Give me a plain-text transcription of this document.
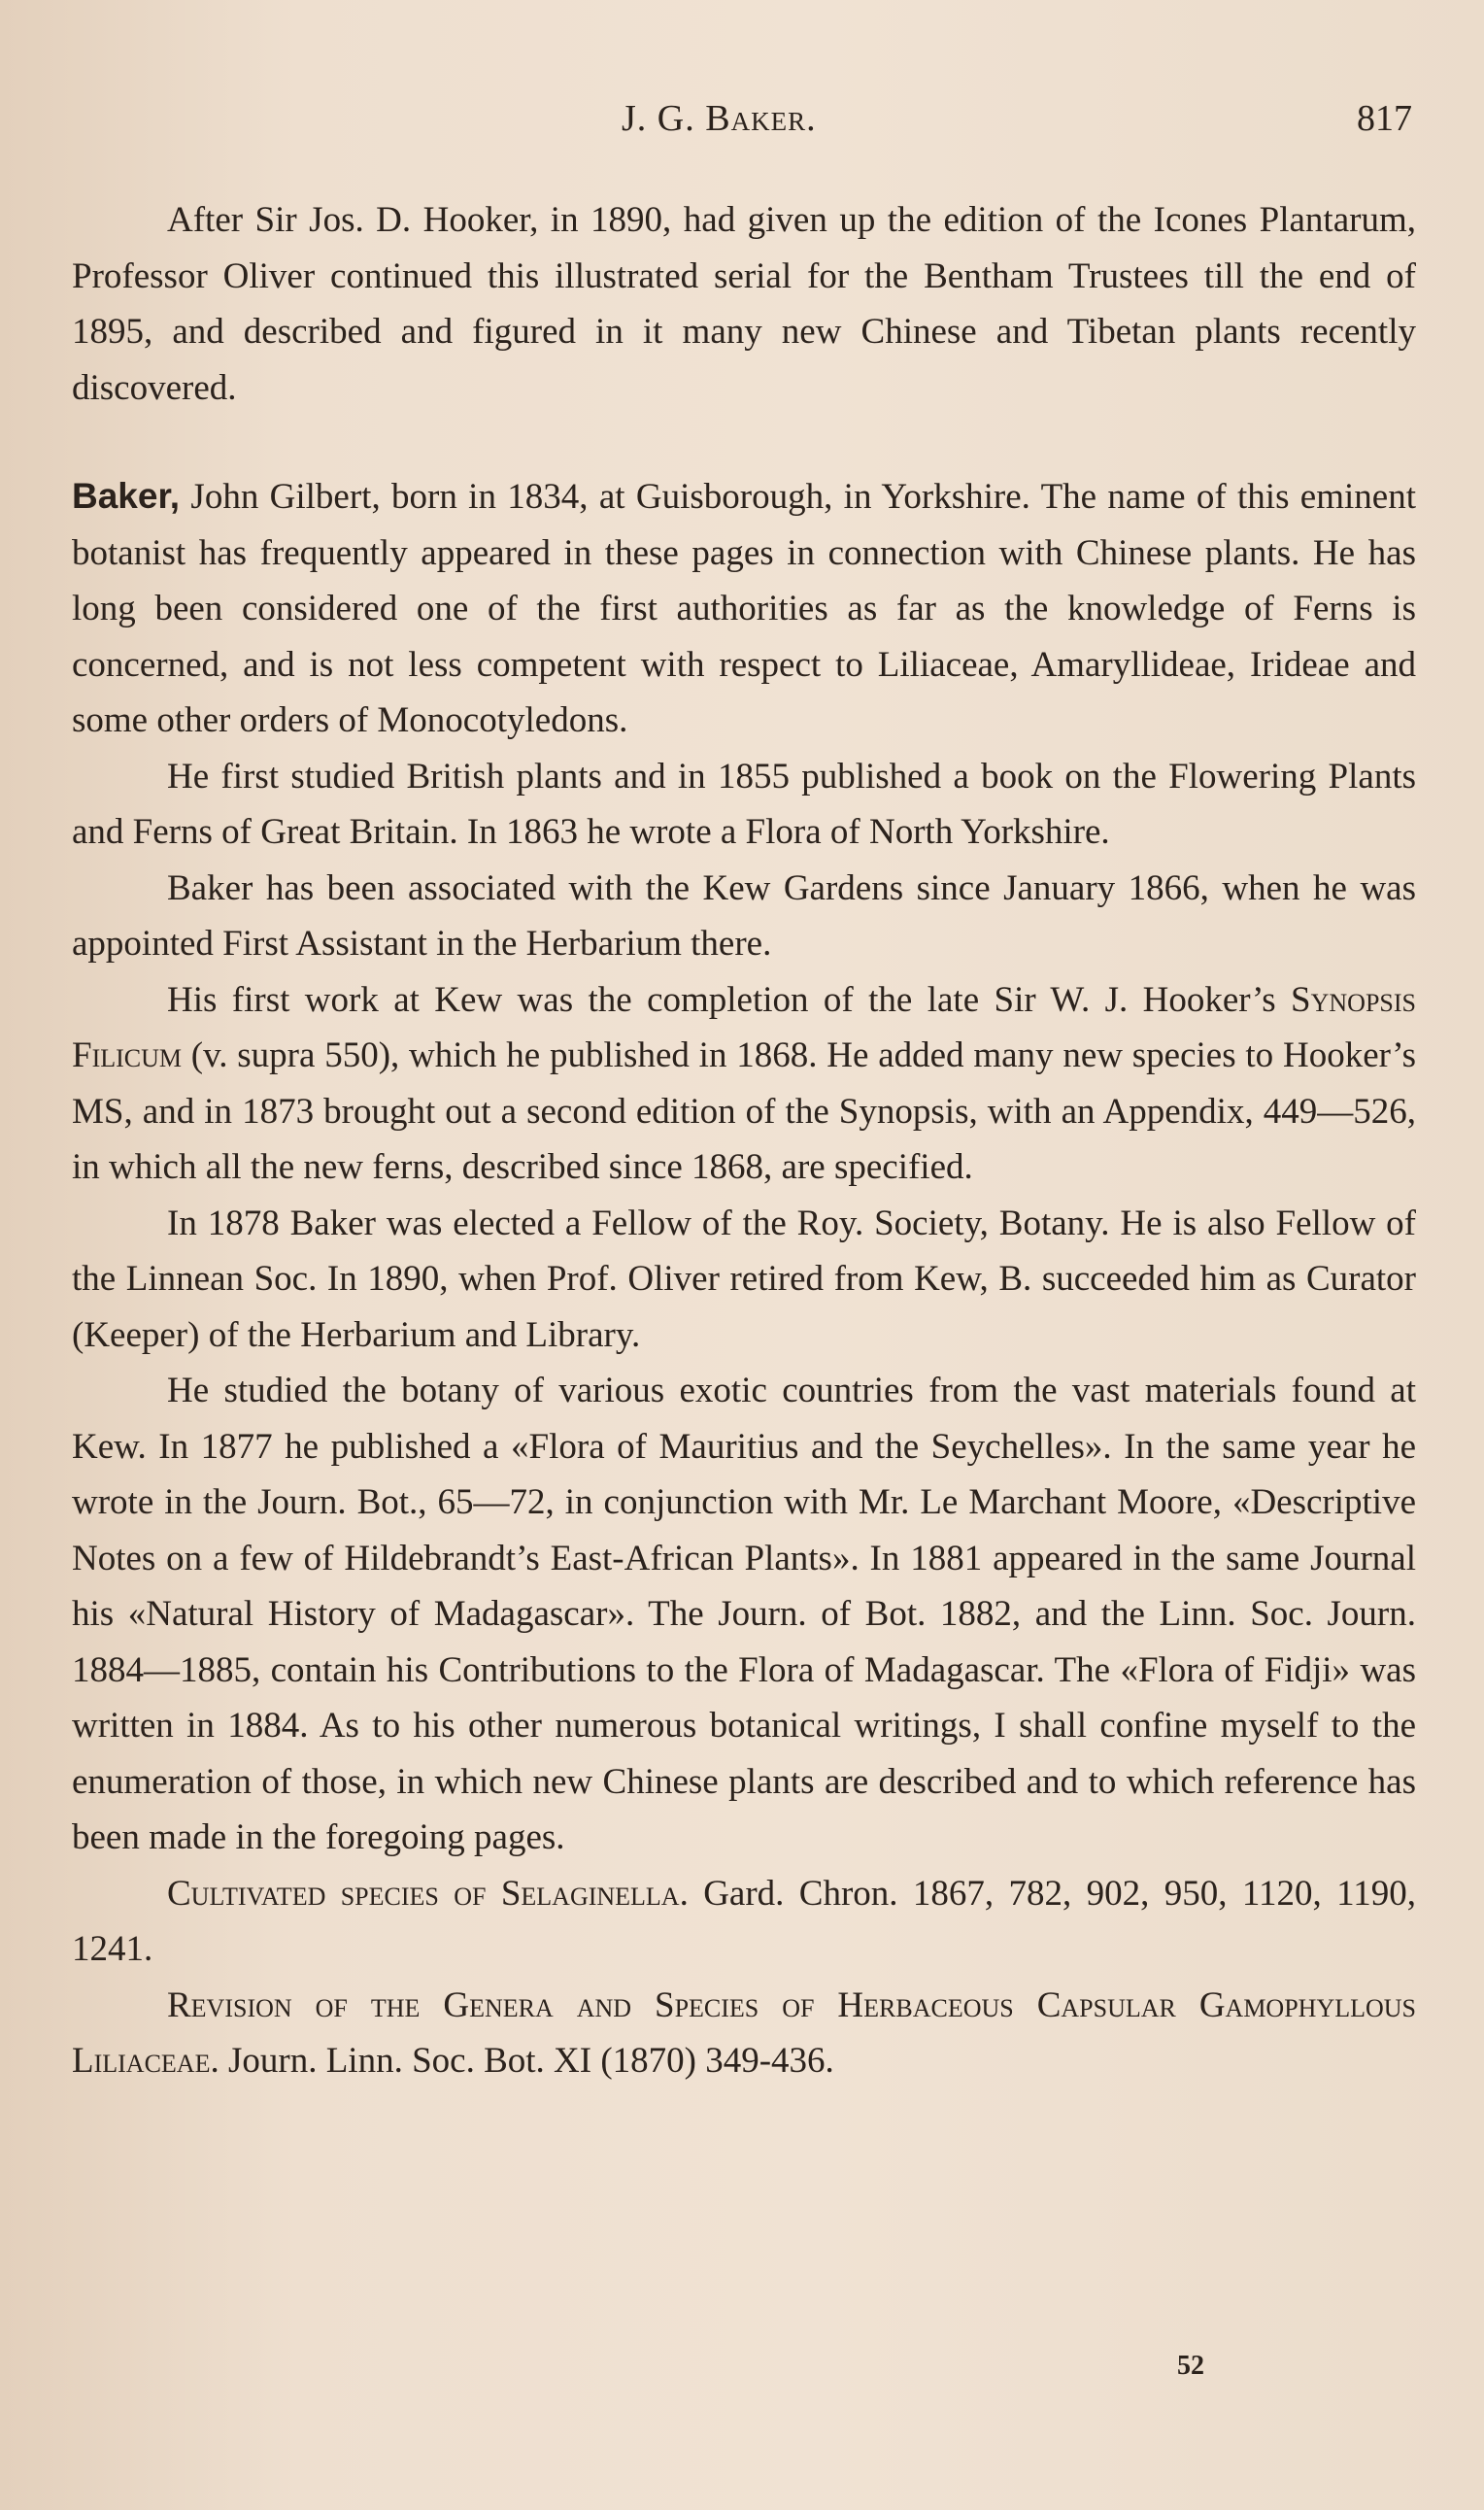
J. G. Baker.	817

After Sir Jos. D. Hooker, in 1890, had given up the edition of the Icones Plantarum, Professor Oliver continued this illustrated serial for the Bentham Trustees till the end of 1895, and described and figured in it many new Chinese and Tibetan plants recently discovered.

Baker, John Gilbert, born in 1834, at Guisborough, in Yorkshire. The name of this eminent botanist has frequently appeared in these pages in connection with Chinese plants. He has long been considered one of the first authorities as far as the knowledge of Ferns is concerned, and is not less competent with respect to Liliaceae, Amaryllideae, Irideae and some other orders of Monocotyledons.

He first studied British plants and in 1855 published a book on the Flowering Plants and Ferns of Great Britain. In 1863 he wrote a Flora of North Yorkshire.

Baker has been associated with the Kew Gardens since January 1866, when he was appointed First Assistant in the Herbarium there.

His first work at Kew was the completion of the late Sir W. J. Hooker’s Synopsis Filicum (v. supra 550), which he published in 1868. He added many new species to Hooker’s MS, and in 1873 brought out a second edition of the Synopsis, with an Appendix, 449—526, in which all the new ferns, described since 1868, are specified.

In 1878 Baker was elected a Fellow of the Roy. Society, Botany. He is also Fellow of the Linnean Soc. In 1890, when Prof. Oliver retired from Kew, B. succeeded him as Curator (Keeper) of the Herbarium and Library.

He studied the botany of various exotic countries from the vast materials found at Kew. In 1877 he published a «Flora of Mauritius and the Seychelles». In the same year he wrote in the Journ. Bot., 65—72, in conjunction with Mr. Le Marchant Moore, «Descriptive Notes on a few of Hildebrandt’s East-African Plants». In 1881 appeared in the same Journal his «Natural History of Madagascar». The Journ. of Bot. 1882, and the Linn. Soc. Journ. 1884—1885, contain his Contributions to the Flora of Madagascar. The «Flora of Fidji» was written in 1884. As to his other numerous botanical writings, I shall confine myself to the enumeration of those, in which new Chinese plants are described and to which reference has been made in the foregoing pages.

Cultivated species of Selaginella. Gard. Chron. 1867, 782, 902, 950, 1120, 1190, 1241.

Revision of the Genera and Species of Herbaceous Capsular Gamophyllous Liliaceae. Journ. Linn. Soc. Bot. XI (1870) 349-436.

52
